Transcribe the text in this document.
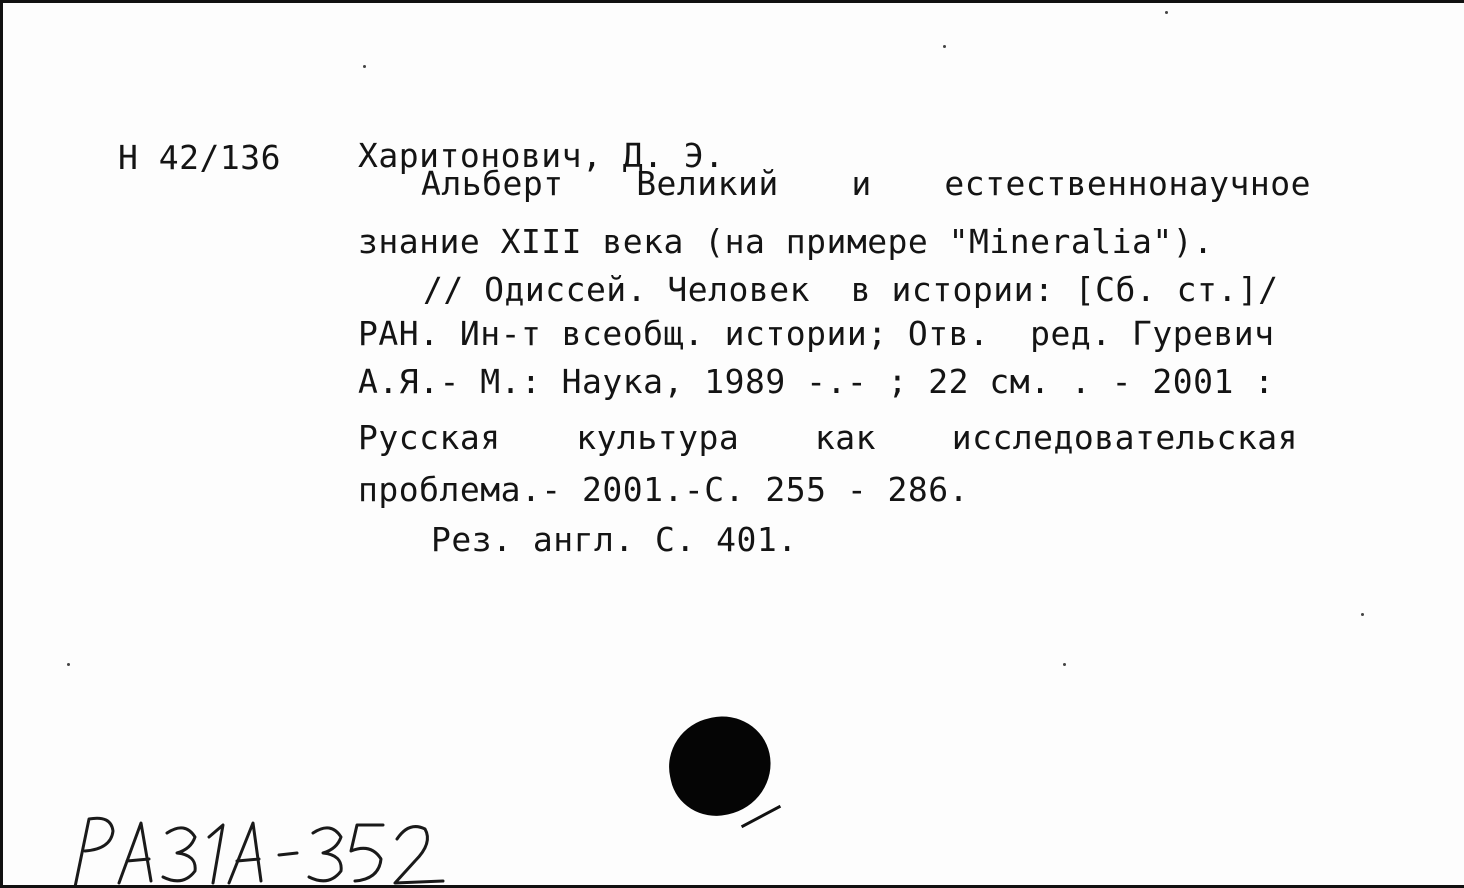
Н 42/136 Харитонович, Д. Э.
Альберт Великий и естественнонаучное
знание XIII века (на примере "Mineralia").
// Одиссей. Человек  в истории: [Сб. ст.]/
РАН. Ин-т всеобщ. истории; Отв.  ред. Гуревич
А.Я.- М.: Наука, 1989 -.- ; 22 см. . - 2001 :
Русская культура как исследовательская
проблема.- 2001.-С. 255 - 286.
Рез. англ. С. 401.
